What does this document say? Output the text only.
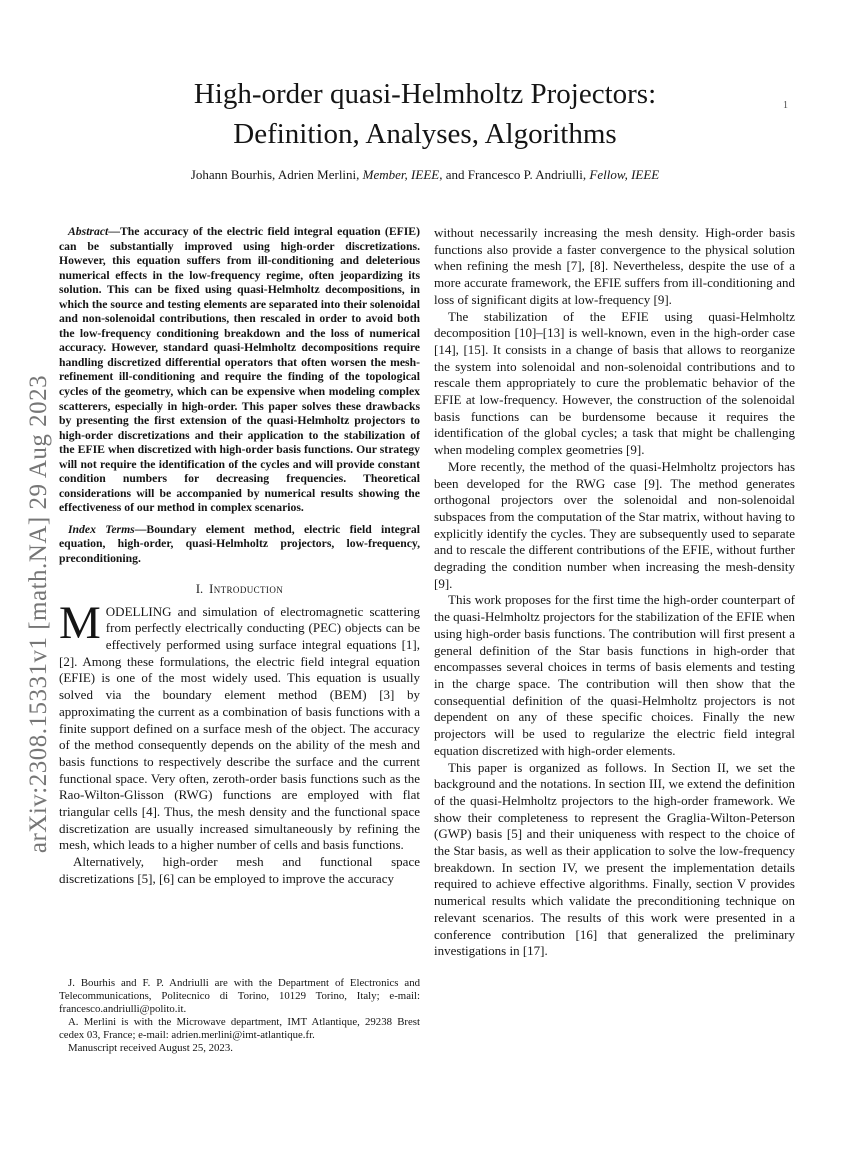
1
arXiv:2308.15331v1 [math.NA] 29 Aug 2023
High-order quasi-Helmholtz Projectors:
Definition, Analyses, Algorithms
Johann Bourhis, Adrien Merlini, Member, IEEE, and Francesco P. Andriulli, Fellow, IEEE

Abstract—The accuracy of the electric field integral equation (EFIE) can be substantially improved using high-order discretizations. However, this equation suffers from ill-conditioning and deleterious numerical effects in the low-frequency regime, often jeopardizing its solution. This can be fixed using quasi-Helmholtz decompositions, in which the source and testing elements are separated into their solenoidal and non-solenoidal contributions, then rescaled in order to avoid both the low-frequency conditioning breakdown and the loss of numerical accuracy. However, standard quasi-Helmholtz decompositions require handling discretized differential operators that often worsen the mesh-refinement ill-conditioning and require the finding of the topological cycles of the geometry, which can be expensive when modeling complex scatterers, especially in high-order. This paper solves these drawbacks by presenting the first extension of the quasi-Helmholtz projectors to high-order discretizations and their application to the stabilization of the EFIE when discretized with high-order basis functions. Our strategy will not require the identification of the cycles and will provide constant condition numbers for decreasing frequencies. Theoretical considerations will be accompanied by numerical results showing the effectiveness of our method in complex scenarios.

Index Terms—Boundary element method, electric field integral equation, high-order, quasi-Helmholtz projectors, low-frequency, preconditioning.

I. Introduction

MODELLING and simulation of electromagnetic scattering from perfectly electrically conducting (PEC) objects can be effectively performed using surface integral equations [1], [2]. Among these formulations, the electric field integral equation (EFIE) is one of the most widely used. This equation is usually solved via the boundary element method (BEM) [3] by approximating the current as a combination of basis functions with a finite support defined on a surface mesh of the object. The accuracy of the method consequently depends on the ability of the mesh and basis functions to respectively describe the surface and the current functional space. Very often, zeroth-order basis functions such as the Rao-Wilton-Glisson (RWG) functions are employed with flat triangular cells [4]. Thus, the mesh density and the functional space discretization are usually increased simultaneously by refining the mesh, which leads to a higher number of cells and basis functions.

Alternatively, high-order mesh and functional space discretizations [5], [6] can be employed to improve the accuracy

J. Bourhis and F. P. Andriulli are with the Department of Electronics and Telecommunications, Politecnico di Torino, 10129 Torino, Italy; e-mail: francesco.andriulli@polito.it.

A. Merlini is with the Microwave department, IMT Atlantique, 29238 Brest cedex 03, France; e-mail: adrien.merlini@imt-atlantique.fr.

Manuscript received August 25, 2023.

without necessarily increasing the mesh density. High-order basis functions also provide a faster convergence to the physical solution when refining the mesh [7], [8]. Nevertheless, despite the use of a more accurate framework, the EFIE suffers from ill-conditioning and loss of significant digits at low-frequency [9].

The stabilization of the EFIE using quasi-Helmholtz decomposition [10]–[13] is well-known, even in the high-order case [14], [15]. It consists in a change of basis that allows to reorganize the system into solenoidal and non-solenoidal contributions and to rescale them appropriately to cure the problematic behavior of the EFIE at low-frequency. However, the construction of the solenoidal basis functions can be burdensome because it requires the identification of the global cycles; a task that might be challenging when modeling complex geometries [9].

More recently, the method of the quasi-Helmholtz projectors has been developed for the RWG case [9]. The method generates orthogonal projectors over the solenoidal and non-solenoidal subspaces from the computation of the Star matrix, without having to explicitly identify the cycles. They are subsequently used to separate and to rescale the different contributions of the EFIE, without further degrading the condition number when increasing the mesh-density [9].

This work proposes for the first time the high-order counterpart of the quasi-Helmholtz projectors for the stabilization of the EFIE when using high-order basis functions. The contribution will first present a general definition of the Star basis functions in high-order that encompasses several choices in terms of basis elements and testing in the charge space. The contribution will then show that the consequential definition of the quasi-Helmholtz projectors is not dependent on any of these specific choices. Finally the new projectors will be used to regularize the electric field integral equation discretized with high-order elements.

This paper is organized as follows. In Section II, we set the background and the notations. In section III, we extend the definition of the quasi-Helmholtz projectors to the high-order framework. We show their completeness to represent the Graglia-Wilton-Peterson (GWP) basis [5] and their uniqueness with respect to the choice of the Star basis, as well as their application to solve the low-frequency breakdown. In section IV, we present the implementation details required to achieve effective algorithms. Finally, section V provides numerical results which validate the preconditioning technique on relevant scenarios. The results of this work were presented in a conference contribution [16] that generalized the preliminary investigations in [17].
